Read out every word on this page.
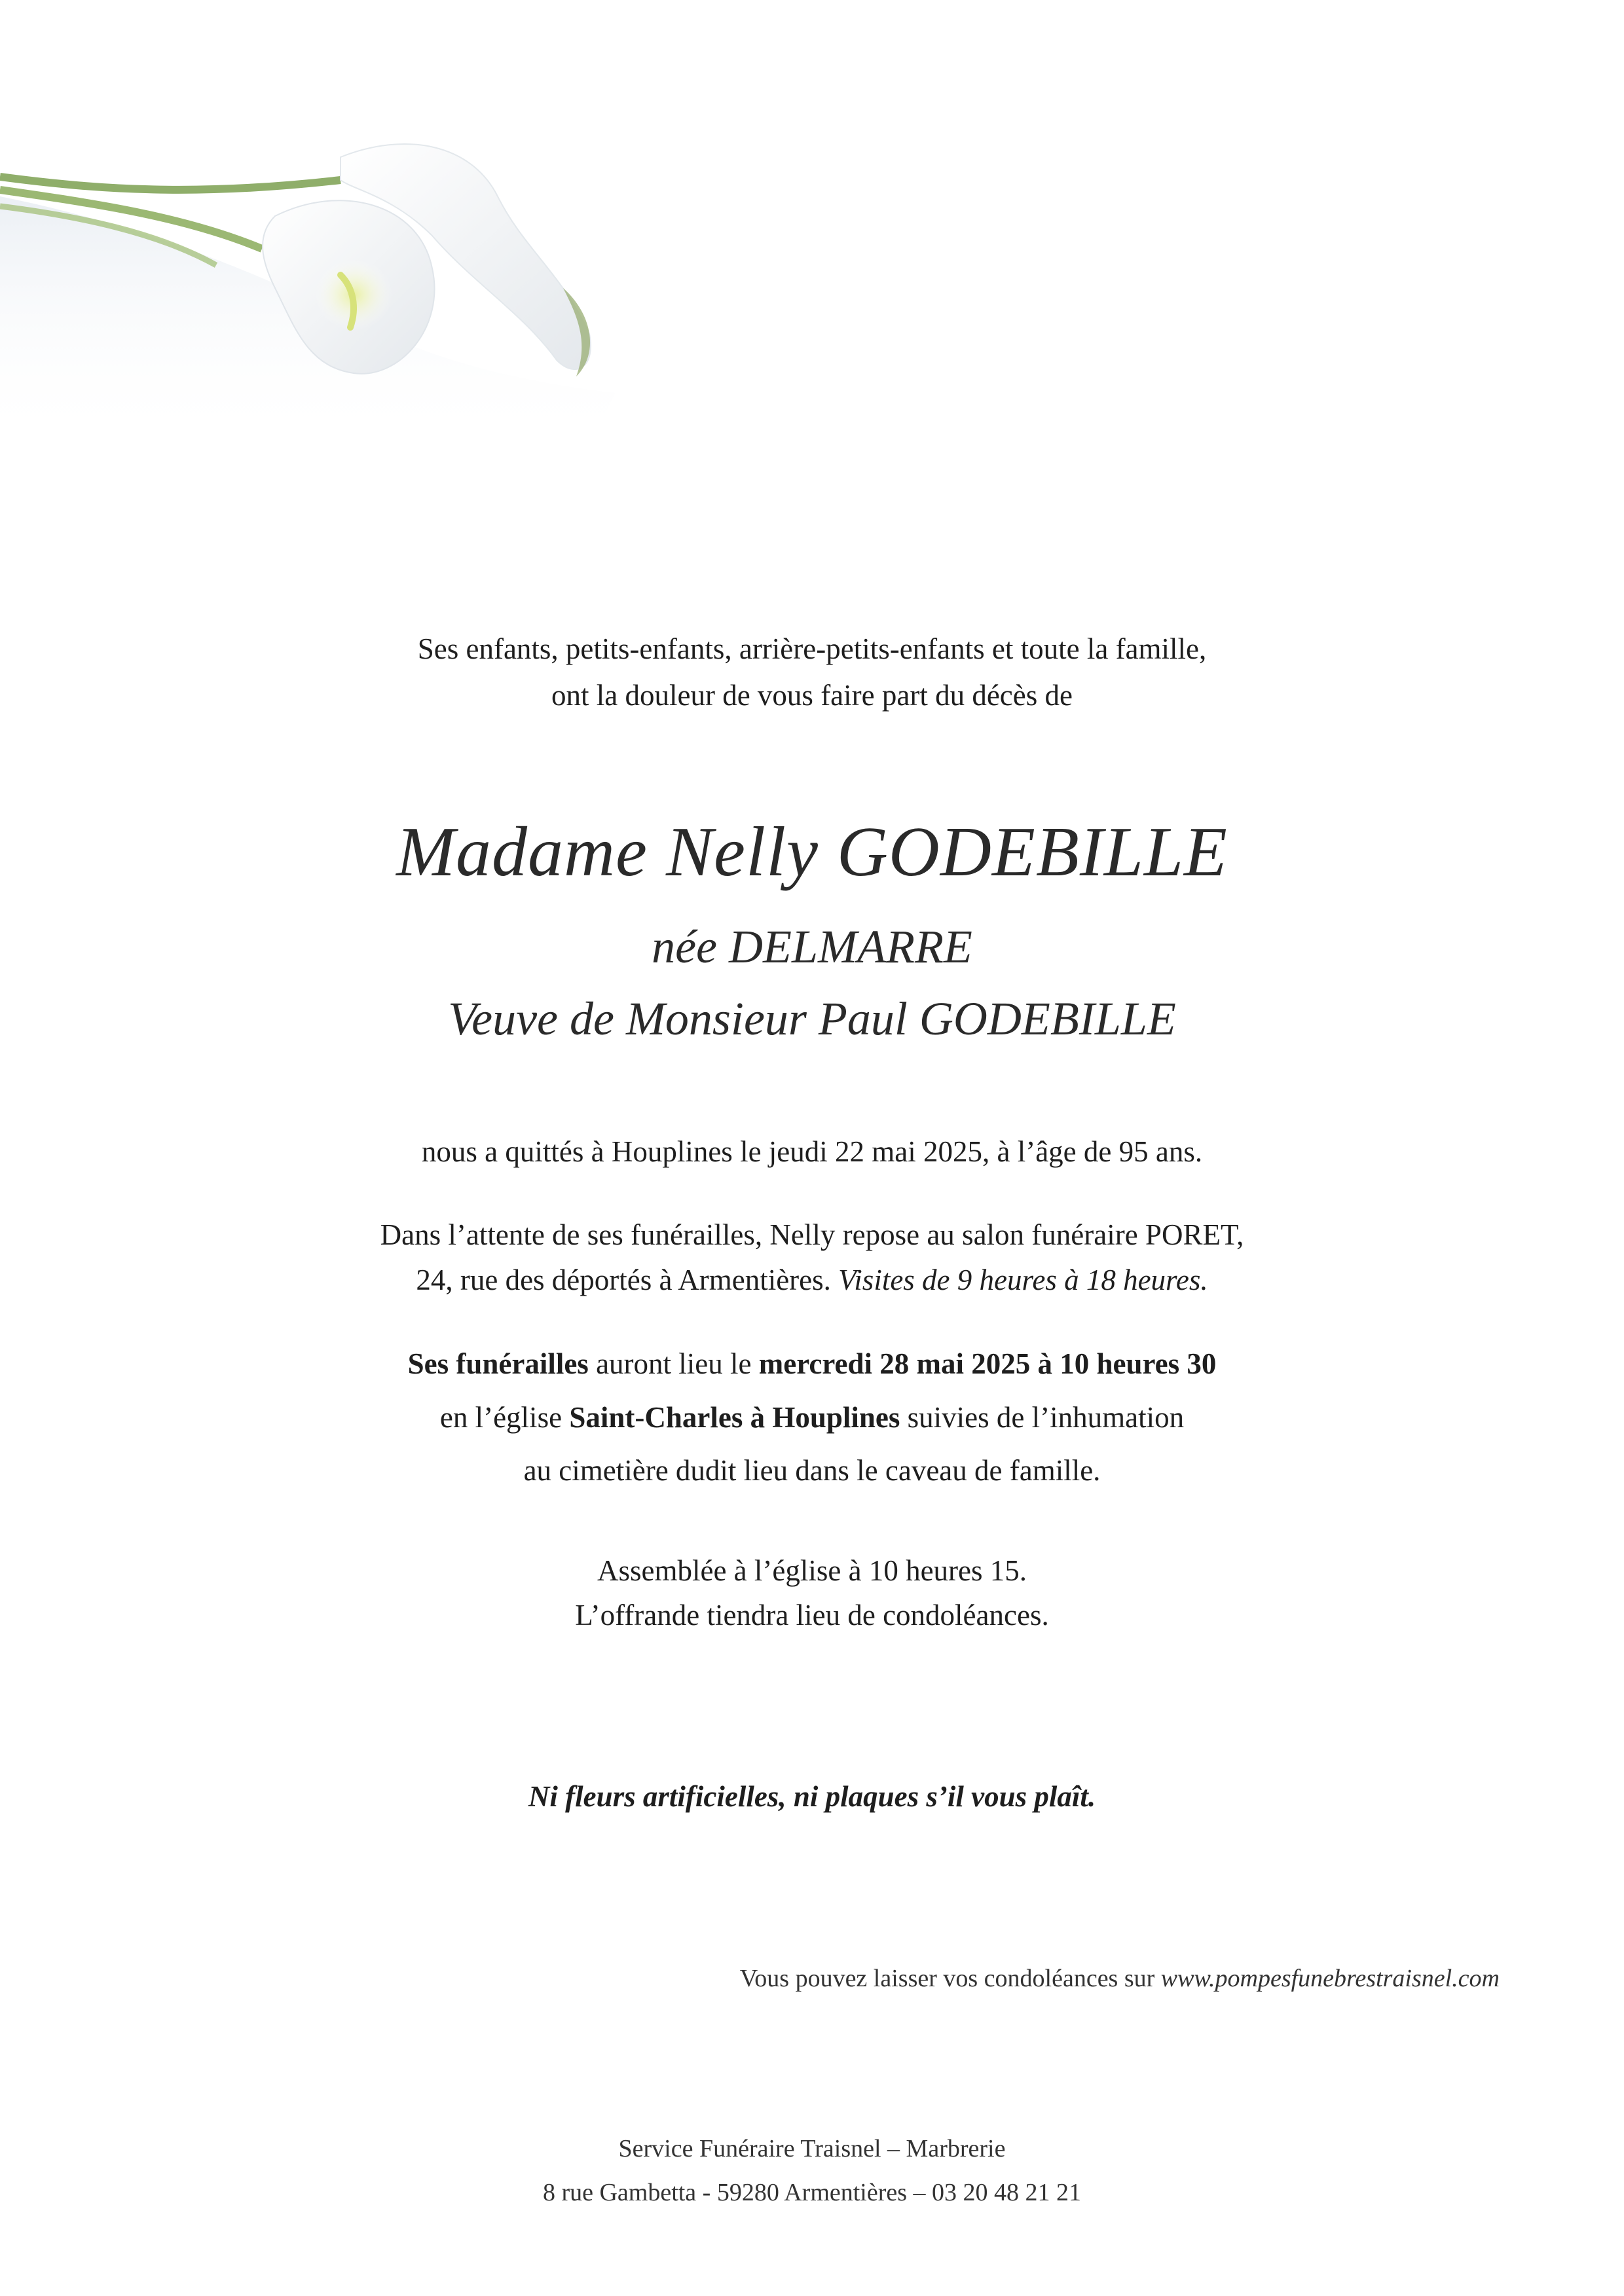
Ses enfants, petits-enfants, arrière-petits-enfants et toute la famille,
ont la douleur de vous faire part du décès de
Madame Nelly GODEBILLE
née DELMARRE
Veuve de Monsieur Paul GODEBILLE
nous a quittés à Houplines le jeudi 22 mai 2025, à l’âge de 95 ans.
Dans l’attente de ses funérailles, Nelly repose au salon funéraire PORET,
24, rue des déportés à Armentières. Visites de 9 heures à 18 heures.
Ses funérailles auront lieu le mercredi 28 mai 2025 à 10 heures 30
en l’église Saint-Charles à Houplines suivies de l’inhumation
au cimetière dudit lieu dans le caveau de famille.
Assemblée à l’église à 10 heures 15.
L’offrande tiendra lieu de condoléances.
Ni fleurs artificielles, ni plaques s’il vous plaît.
Vous pouvez laisser vos condoléances sur www.pompesfunebrestraisnel.com
Service Funéraire Traisnel – Marbrerie
8 rue Gambetta - 59280 Armentières – 03 20 48 21 21
